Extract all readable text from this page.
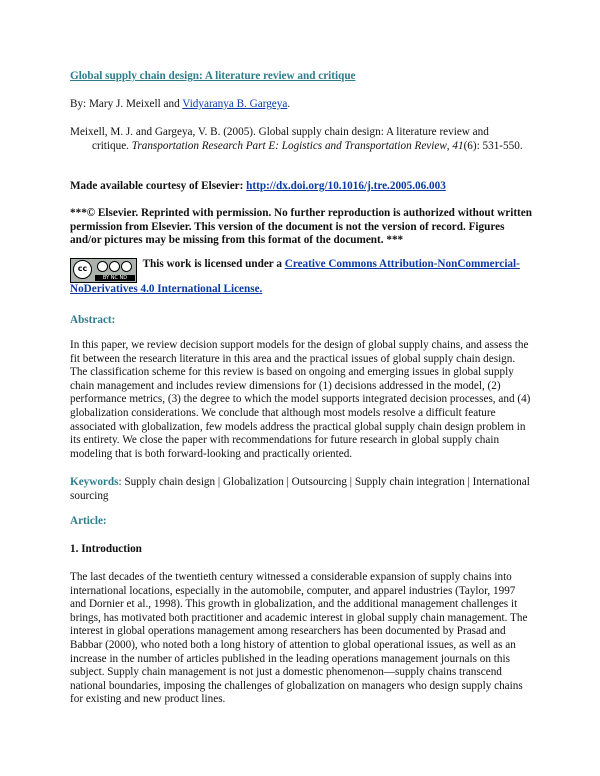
Global supply chain design: A literature review and critique

By: Mary J. Meixell and Vidyaranya B. Gargeya.

Meixell, M. J. and Gargeya, V. B. (2005). Global supply chain design: A literature review and
critique. Transportation Research Part E: Logistics and Transportation Review, 41(6): 531-550.

Made available courtesy of Elsevier: http://dx.doi.org/10.1016/j.tre.2005.06.003

***© Elsevier. Reprinted with permission. No further reproduction is authorized without written permission from Elsevier. This version of the document is not the version of record. Figures and/or pictures may be missing from this format of the document. ***

cc
BY NC ND
This work is licensed under a Creative Commons Attribution-NonCommercial-NoDerivatives 4.0 International License.

Abstract:

In this paper, we review decision support models for the design of global supply chains, and assess the fit between the research literature in this area and the practical issues of global supply chain design. The classification scheme for this review is based on ongoing and emerging issues in global supply chain management and includes review dimensions for (1) decisions addressed in the model, (2) performance metrics, (3) the degree to which the model supports integrated decision processes, and (4) globalization considerations. We conclude that although most models resolve a difficult feature associated with globalization, few models address the practical global supply chain design problem in its entirety. We close the paper with recommendations for future research in global supply chain modeling that is both forward-looking and practically oriented.

Keywords: Supply chain design | Globalization | Outsourcing | Supply chain integration | International sourcing

Article:

1. Introduction

The last decades of the twentieth century witnessed a considerable expansion of supply chains into international locations, especially in the automobile, computer, and apparel industries (Taylor, 1997 and Dornier et al., 1998). This growth in globalization, and the additional management challenges it brings, has motivated both practitioner and academic interest in global supply chain management. The interest in global operations management among researchers has been documented by Prasad and Babbar (2000), who noted both a long history of attention to global operational issues, as well as an increase in the number of articles published in the leading operations management journals on this subject. Supply chain management is not just a domestic phenomenon—supply chains transcend national boundaries, imposing the challenges of globalization on managers who design supply chains for existing and new product lines.
